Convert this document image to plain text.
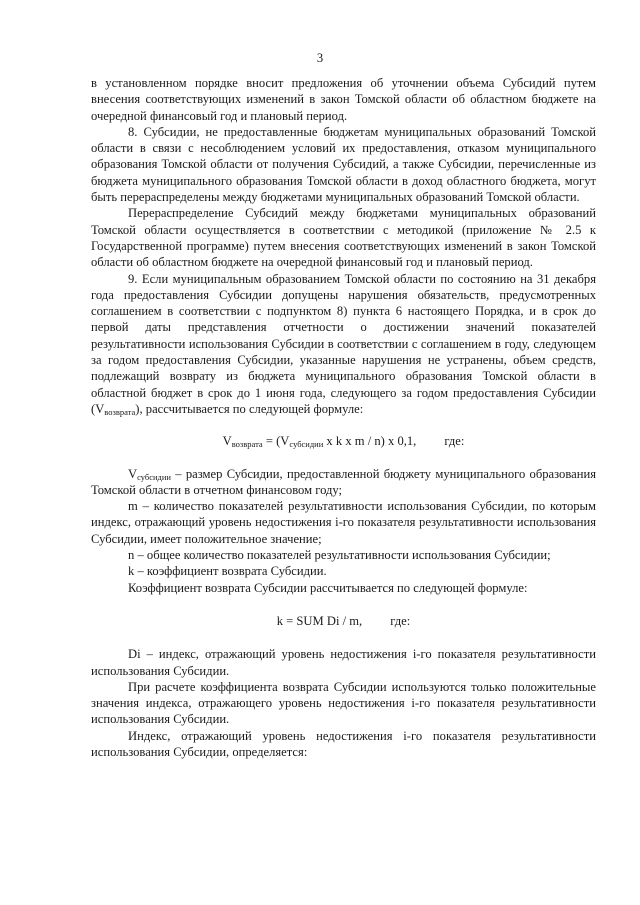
3

в установленном порядке вносит предложения об уточнении объема Субсидий путем внесения соответствующих изменений в закон Томской области об областном бюджете на очередной финансовый год и плановый период.

8. Субсидии, не предоставленные бюджетам муниципальных образований Томской области в связи с несоблюдением условий их предоставления, отказом муниципального образования Томской области от получения Субсидий, а также Субсидии, перечисленные из бюджета муниципального образования Томской области в доход областного бюджета, могут быть перераспределены между бюджетами муниципальных образований Томской области.

Перераспределение Субсидий между бюджетами муниципальных образований Томской области осуществляется в соответствии с методикой (приложение № 2.5 к Государственной программе) путем внесения соответствующих изменений в закон Томской области об областном бюджете на очередной финансовый год и плановый период.

9. Если муниципальным образованием Томской области по состоянию на 31 декабря года предоставления Субсидии допущены нарушения обязательств, предусмотренных соглашением в соответствии с подпунктом 8) пункта 6 настоящего Порядка, и в срок до первой даты представления отчетности о достижении значений показателей результативности использования Субсидии в соответствии с соглашением в году, следующем за годом предоставления Субсидии, указанные нарушения не устранены, объем средств, подлежащий возврату из бюджета муниципального образования Томской области в областной бюджет в срок до 1 июня года, следующего за годом предоставления Субсидии $(V_{возврата})$, рассчитывается по следующей формуле:

$V_{возврата} = (V_{субсидии}$ x k x m / n) x 0,1, где:

$V_{субсидии}$ – размер Субсидии, предоставленной бюджету муниципального образования Томской области в отчетном финансовом году;

m – количество показателей результативности использования Субсидии, по которым индекс, отражающий уровень недостижения i-го показателя результативности использования Субсидии, имеет положительное значение;

n – общее количество показателей результативности использования Субсидии;

k – коэффициент возврата Субсидии.

Коэффициент возврата Субсидии рассчитывается по следующей формуле:

k = SUM Di / m, где:

Di – индекс, отражающий уровень недостижения i-го показателя результативности использования Субсидии.

При расчете коэффициента возврата Субсидии используются только положительные значения индекса, отражающего уровень недостижения i-го показателя результативности использования Субсидии.

Индекс, отражающий уровень недостижения i-го показателя результативности использования Субсидии, определяется:
